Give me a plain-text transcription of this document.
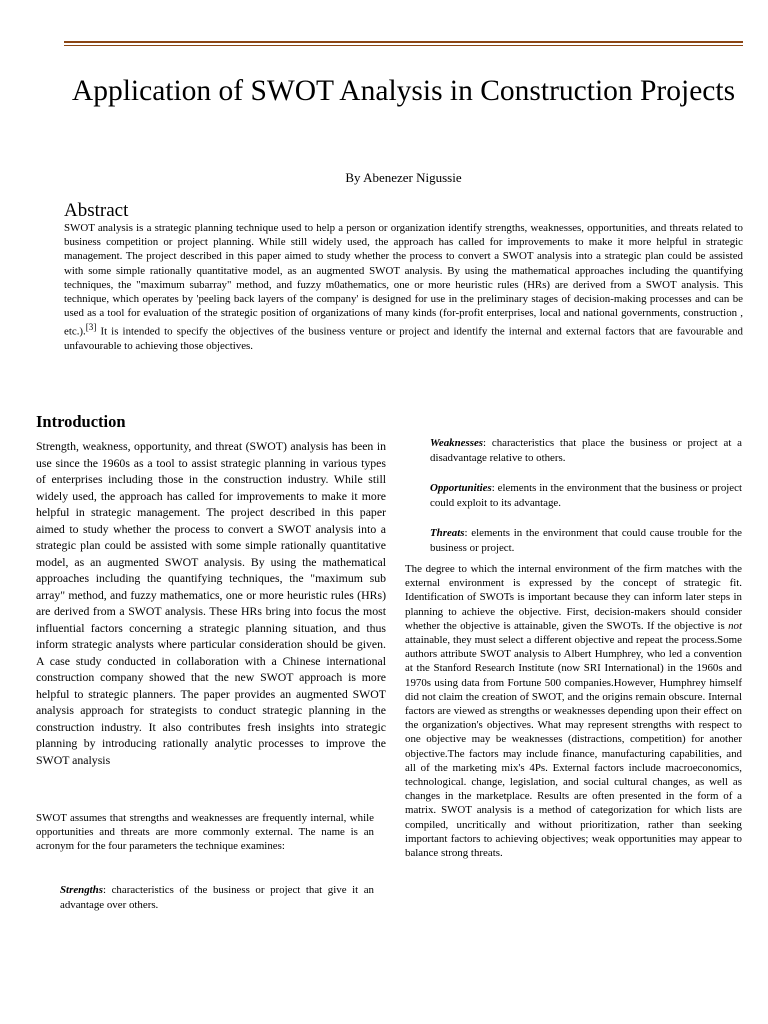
Application of SWOT Analysis in Construction Projects
By Abenezer Nigussie
Abstract

SWOT analysis is a strategic planning technique used to help a person or organization identify strengths, weaknesses, opportunities, and threats related to business competition or project planning. While still widely used, the approach has called for improvements to make it more helpful in strategic management. The project described in this paper aimed to study whether the process to convert a SWOT analysis into a strategic plan could be assisted with some simple rationally quantitative model, as an augmented SWOT analysis. By using the mathematical approaches including the quantifying techniques, the "maximum subarray" method, and fuzzy m0athematics, one or more heuristic rules (HRs) are derived from a SWOT analysis. This technique, which operates by 'peeling back layers of the company' is designed for use in the preliminary stages of decision-making processes and can be used as a tool for evaluation of the strategic position of organizations of many kinds (for-profit enterprises, local and national governments, construction , etc.).[3] It is intended to specify the objectives of the business venture or project and identify the internal and external factors that are favourable and unfavourable to achieving those objectives.

Introduction

Strength, weakness, opportunity, and threat (SWOT) analysis has been in use since the 1960s as a tool to assist strategic planning in various types of enterprises including those in the construction industry. While still widely used, the approach has called for improvements to make it more helpful in strategic management. The project described in this paper aimed to study whether the process to convert a SWOT analysis into a strategic plan could be assisted with some simple rationally quantitative model, as an augmented SWOT analysis. By using the mathematical approaches including the quantifying techniques, the "maximum sub array" method, and fuzzy mathematics, one or more heuristic rules (HRs) are derived from a SWOT analysis. These HRs bring into focus the most influential factors concerning a strategic planning situation, and thus inform strategic analysts where particular consideration should be given. A case study conducted in collaboration with a Chinese international construction company showed that the new SWOT approach is more helpful to strategic planners. The paper provides an augmented SWOT analysis approach for strategists to conduct strategic planning in the construction industry. It also contributes fresh insights into strategic planning by introducing rationally analytic processes to improve the SWOT analysis

SWOT assumes that strengths and weaknesses are frequently internal, while opportunities and threats are more commonly external. The name is an acronym for the four parameters the technique examines:

Strengths: characteristics of the business or project that give it an advantage over others.

Weaknesses: characteristics that place the business or project at a disadvantage relative to others.

Opportunities: elements in the environment that the business or project could exploit to its advantage.

Threats: elements in the environment that could cause trouble for the business or project.

The degree to which the internal environment of the firm matches with the external environment is expressed by the concept of strategic fit. Identification of SWOTs is important because they can inform later steps in planning to achieve the objective. First, decision-makers should consider whether the objective is attainable, given the SWOTs. If the objective is not attainable, they must select a different objective and repeat the process.Some authors attribute SWOT analysis to Albert Humphrey, who led a convention at the Stanford Research Institute (now SRI International) in the 1960s and 1970s using data from Fortune 500 companies.However, Humphrey himself did not claim the creation of SWOT, and the origins remain obscure. Internal factors are viewed as strengths or weaknesses depending upon their effect on the organization's objectives. What may represent strengths with respect to one objective may be weaknesses (distractions, competition) for another objective.The factors may include finance, manufacturing capabilities, and all of the marketing mix's 4Ps. External factors include macroeconomics, technological. change, legislation, and social cultural changes, as well as changes in the marketplace. Results are often presented in the form of a matrix. SWOT analysis is a method of categorization for which lists are compiled, uncritically and without prioritization, rather than seeking important factors to achieving objectives; weak opportunities may appear to balance strong threats.
